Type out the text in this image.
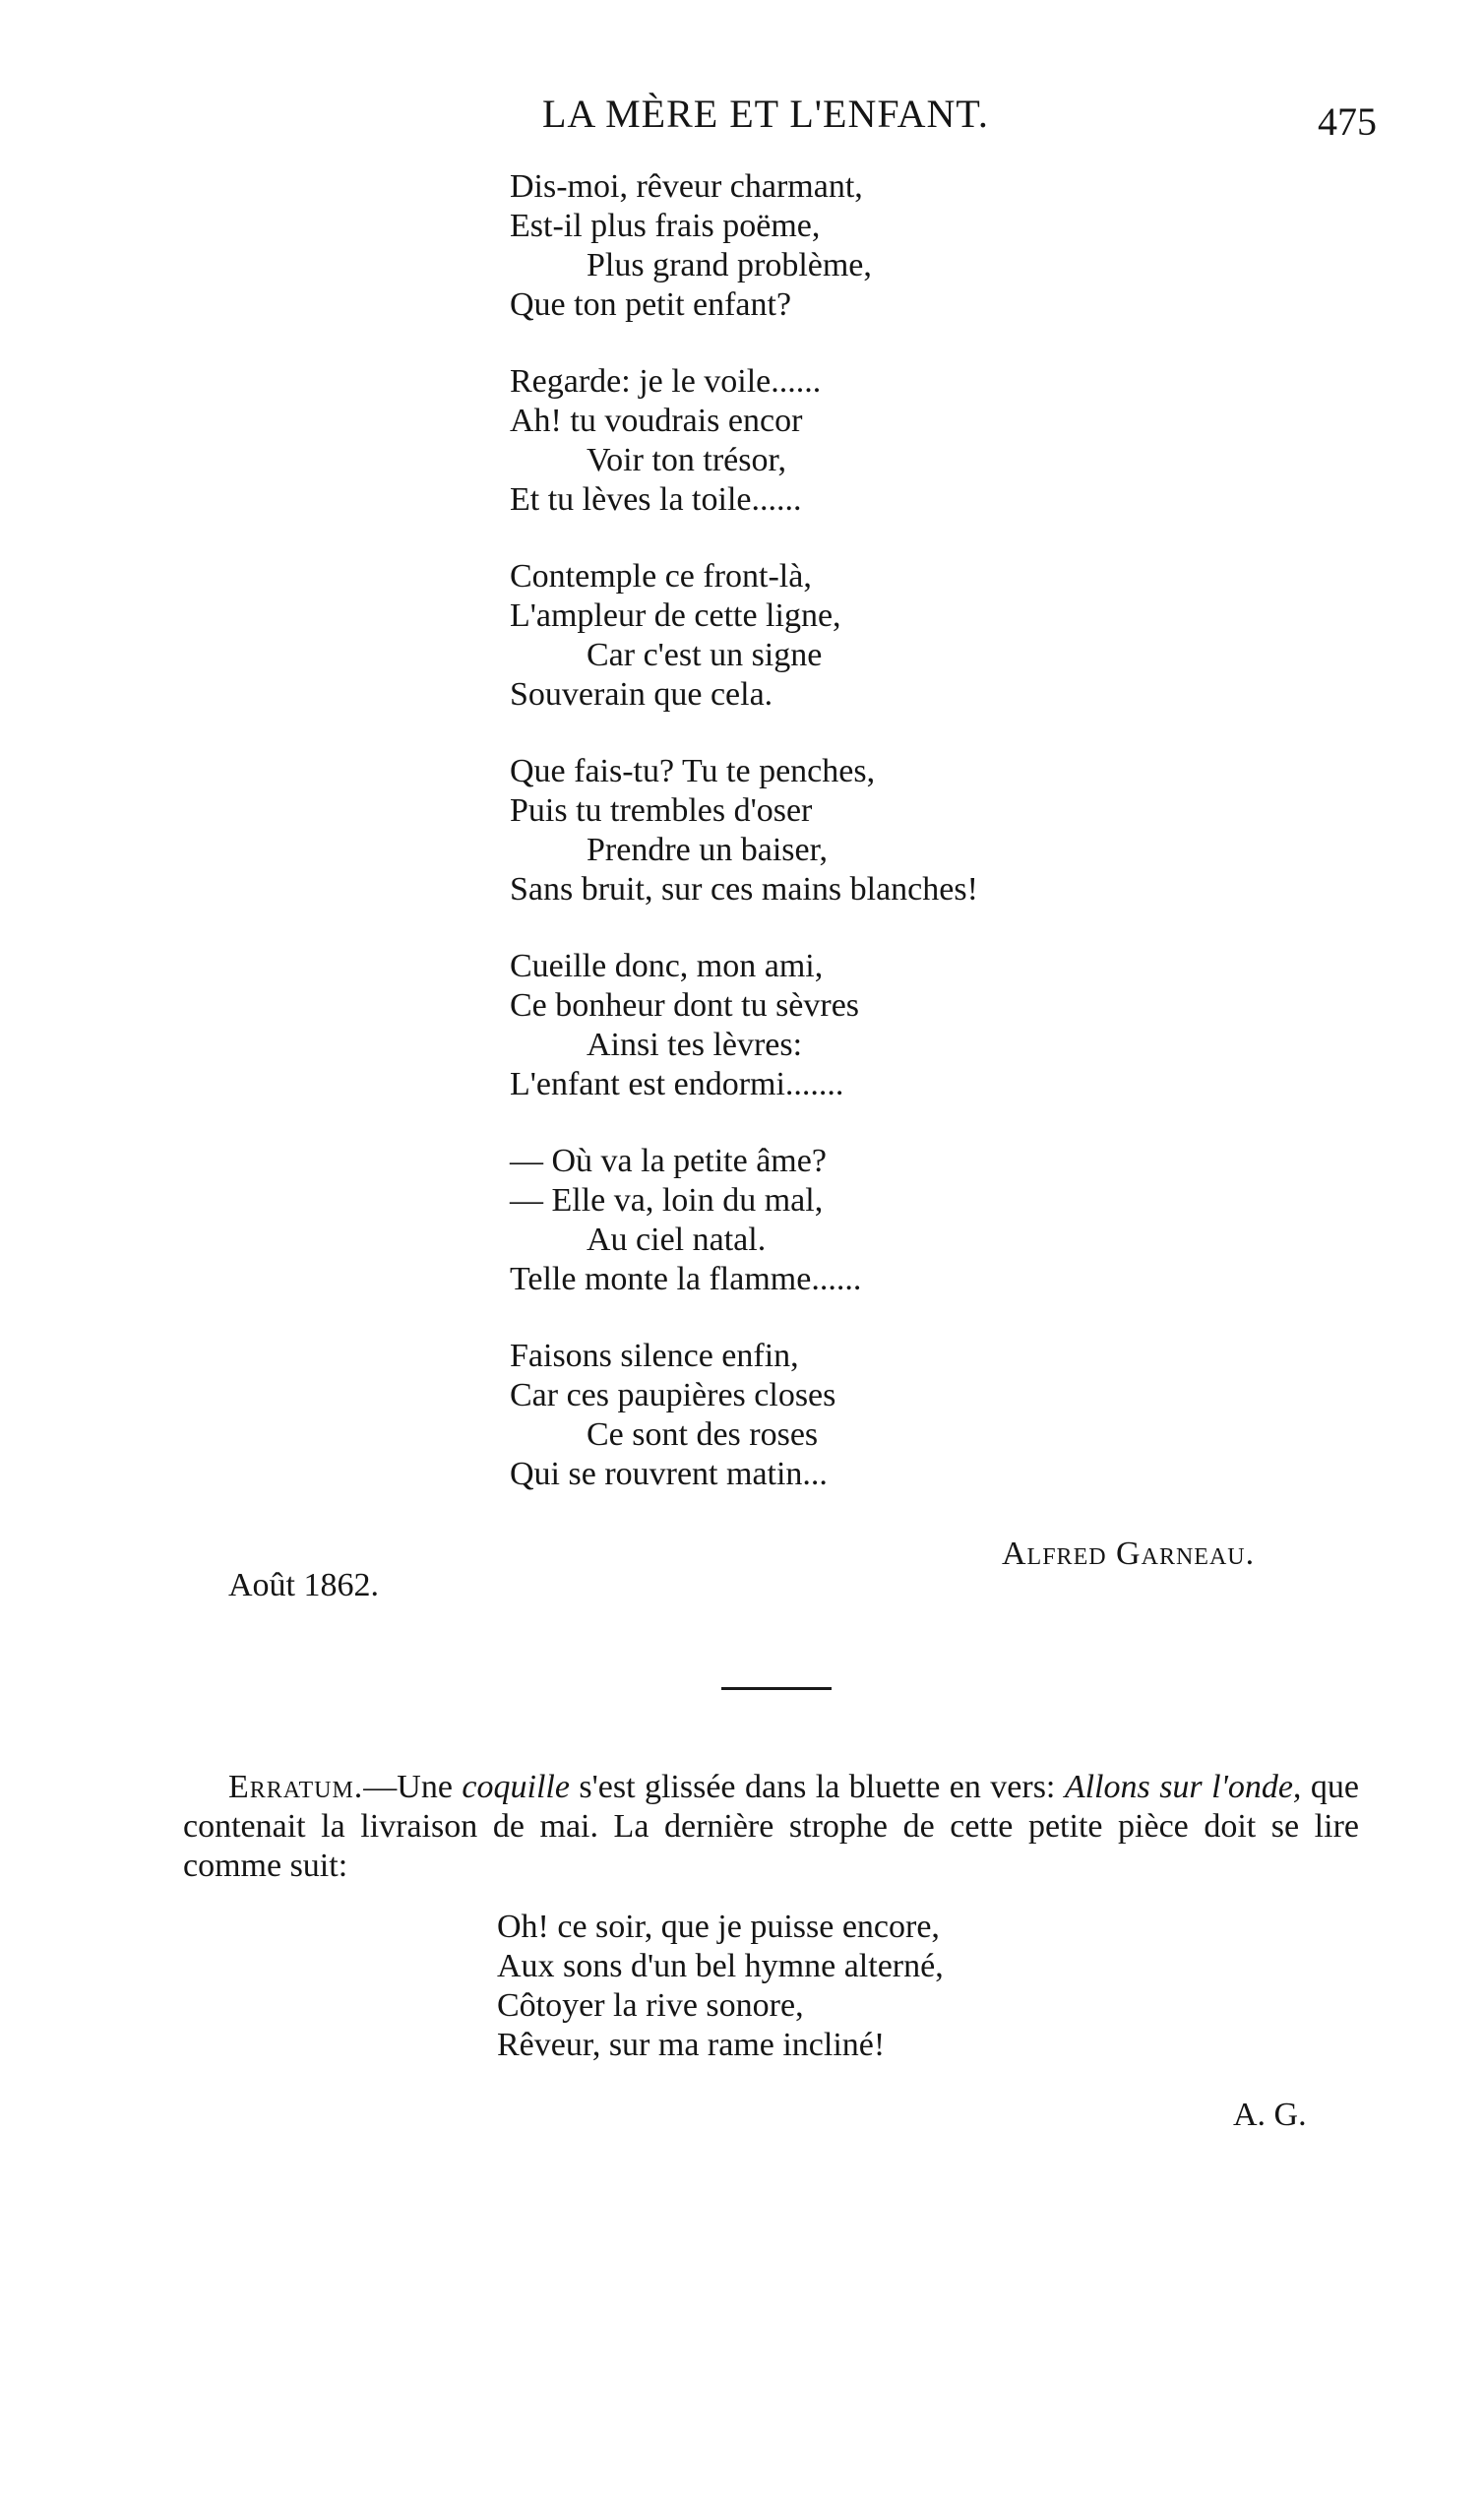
LA MÈRE ET L'ENFANT.	475
Dis-moi, rêveur charmant,
Est-il plus frais poëme,
Plus grand problème,
Que ton petit enfant?
Regarde: je le voile......
Ah! tu voudrais encor
Voir ton trésor,
Et tu lèves la toile......
Contemple ce front-là,
L'ampleur de cette ligne,
Car c'est un signe
Souverain que cela.
Que fais-tu? Tu te penches,
Puis tu trembles d'oser
Prendre un baiser,
Sans bruit, sur ces mains blanches!
Cueille donc, mon ami,
Ce bonheur dont tu sèvres
Ainsi tes lèvres:
L'enfant est endormi.......
— Où va la petite âme?
— Elle va, loin du mal,
Au ciel natal.
Telle monte la flamme......
Faisons silence enfin,
Car ces paupières closes
Ce sont des roses
Qui se rouvrent matin...
Alfred Garneau.
Août 1862.
Erratum.—Une coquille s'est glissée dans la bluette en vers: Allons sur l'onde, que contenait la livraison de mai. La dernière strophe de cette petite pièce doit se lire comme suit:
Oh! ce soir, que je puisse encore,
Aux sons d'un bel hymne alterné,
Côtoyer la rive sonore,
Rêveur, sur ma rame incliné!
A. G.
